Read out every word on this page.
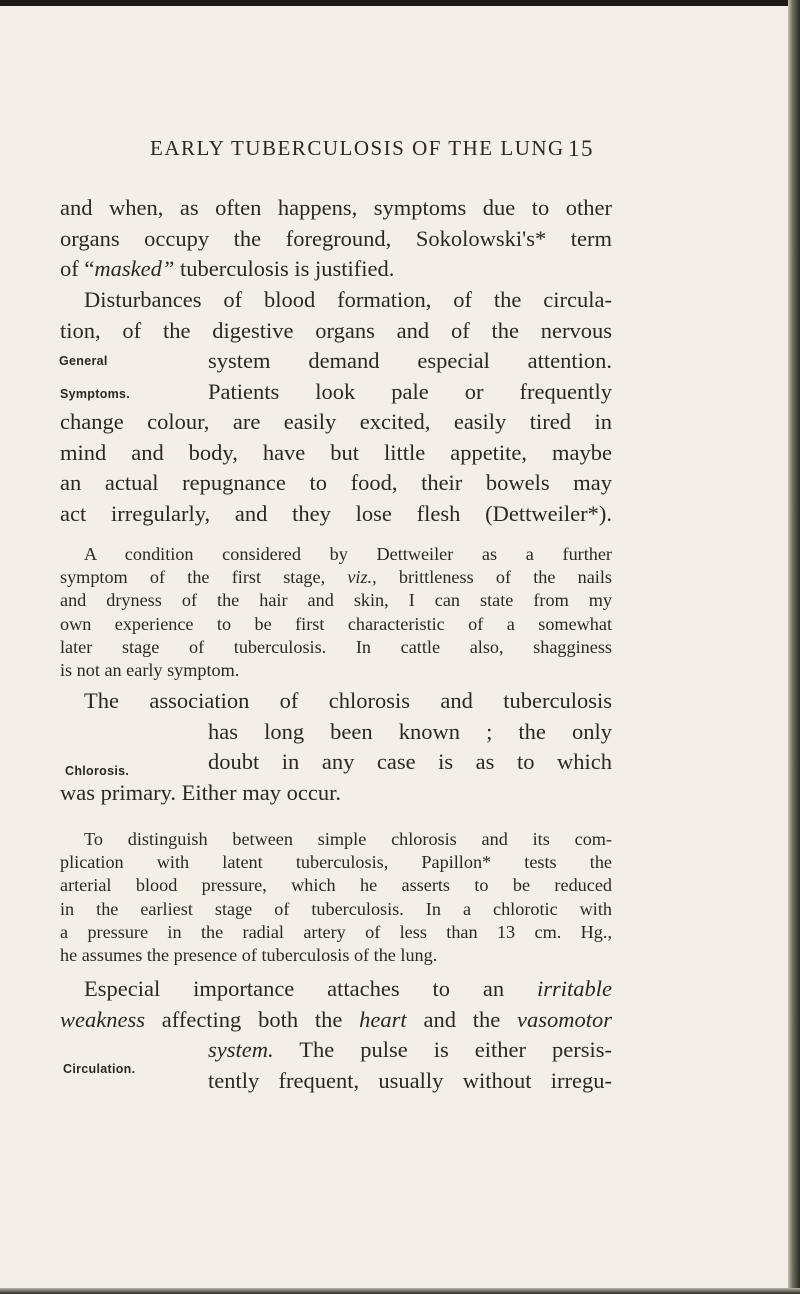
EARLY TUBERCULOSIS OF THE LUNG 15
and when, as often happens, symptoms due to other
organs occupy the foreground, Sokolowski's* term
of “masked” tuberculosis is justified.
Disturbances of blood formation, of the circula-
tion, of the digestive organs and of the nervous
system demand especial attention.
Patients look pale or frequently
change colour, are easily excited, easily tired in
mind and body, have but little appetite, maybe
an actual repugnance to food, their bowels may
act irregularly, and they lose flesh (Dettweiler*).
General
Symptoms.
A condition considered by Dettweiler as a further
symptom of the first stage, viz., brittleness of the nails
and dryness of the hair and skin, I can state from my
own experience to be first characteristic of a somewhat
later stage of tuberculosis. In cattle also, shagginess
is not an early symptom.
The association of chlorosis and tuberculosis
has long been known ; the only
doubt in any case is as to which
was primary. Either may occur.
Chlorosis.
To distinguish between simple chlorosis and its com-
plication with latent tuberculosis, Papillon* tests the
arterial blood pressure, which he asserts to be reduced
in the earliest stage of tuberculosis. In a chlorotic with
a pressure in the radial artery of less than 13 cm. Hg.,
he assumes the presence of tuberculosis of the lung.
Especial importance attaches to an irritable
weakness affecting both the heart and the vasomotor
system. The pulse is either persis-
tently frequent, usually without irregu-
Circulation.
